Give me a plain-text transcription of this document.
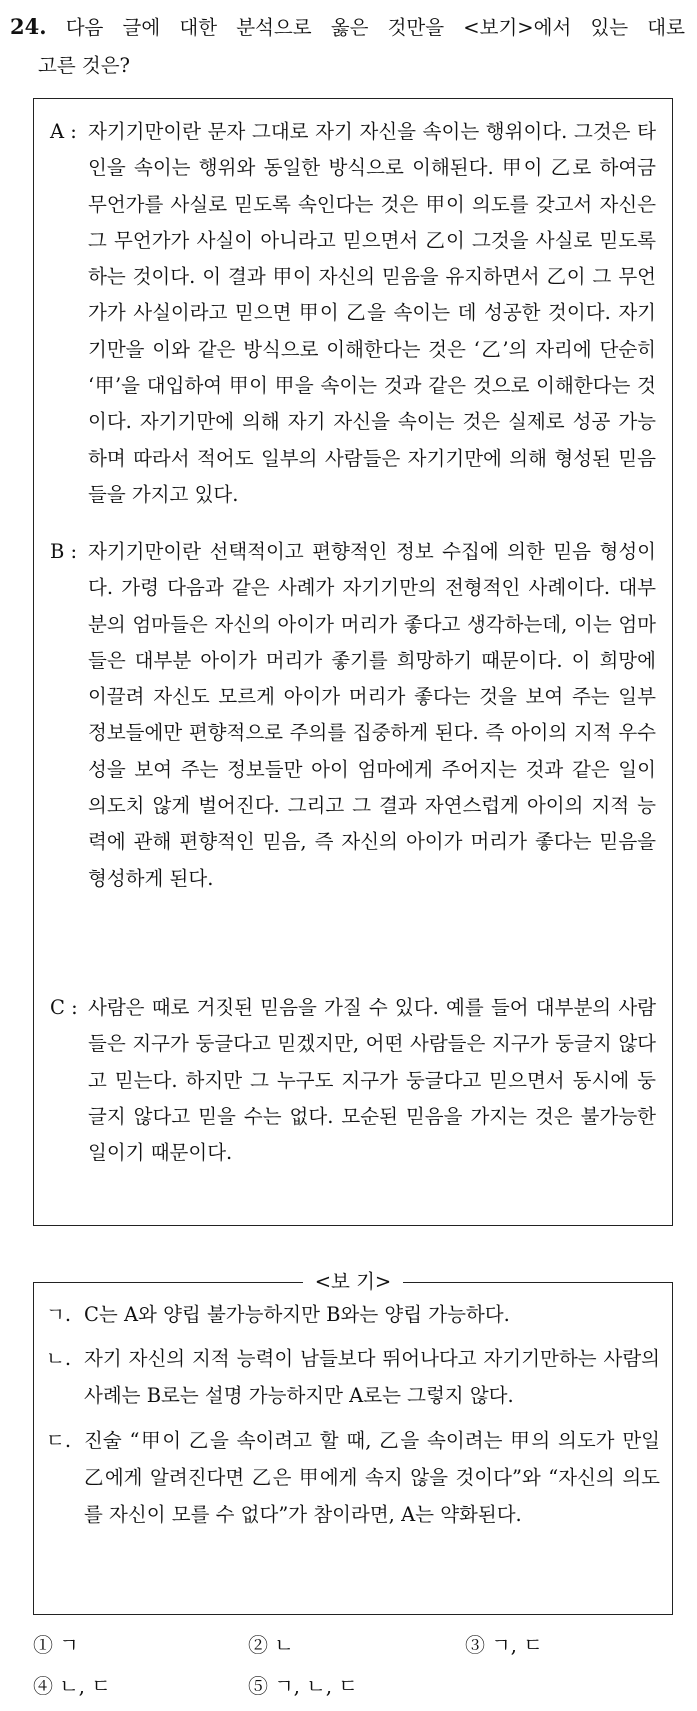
24. 다음 글에 대한 분석으로 옳은 것만을 <보기>에서 있는 대로
고른 것은?
A : 자기기만이란 문자 그대로 자기 자신을 속이는 행위이다. 그것은 타인을 속이는 행위와 동일한 방식으로 이해된다. 甲이 乙로 하여금 무언가를 사실로 믿도록 속인다는 것은 甲이 의도를 갖고서 자신은 그 무언가가 사실이 아니라고 믿으면서 乙이 그것을 사실로 믿도록 하는 것이다. 이 결과 甲이 자신의 믿음을 유지하면서 乙이 그 무언가가 사실이라고 믿으면 甲이 乙을 속이는 데 성공한 것이다. 자기기만을 이와 같은 방식으로 이해한다는 것은 ‘乙’의 자리에 단순히 ‘甲’을 대입하여 甲이 甲을 속이는 것과 같은 것으로 이해한다는 것이다. 자기기만에 의해 자기 자신을 속이는 것은 실제로 성공 가능하며 따라서 적어도 일부의 사람들은 자기기만에 의해 형성된 믿음들을 가지고 있다.
B : 자기기만이란 선택적이고 편향적인 정보 수집에 의한 믿음 형성이다. 가령 다음과 같은 사례가 자기기만의 전형적인 사례이다. 대부분의 엄마들은 자신의 아이가 머리가 좋다고 생각하는데, 이는 엄마들은 대부분 아이가 머리가 좋기를 희망하기 때문이다. 이 희망에 이끌려 자신도 모르게 아이가 머리가 좋다는 것을 보여 주는 일부 정보들에만 편향적으로 주의를 집중하게 된다. 즉 아이의 지적 우수성을 보여 주는 정보들만 아이 엄마에게 주어지는 것과 같은 일이 의도치 않게 벌어진다. 그리고 그 결과 자연스럽게 아이의 지적 능력에 관해 편향적인 믿음, 즉 자신의 아이가 머리가 좋다는 믿음을 형성하게 된다.
C : 사람은 때로 거짓된 믿음을 가질 수 있다. 예를 들어 대부분의 사람들은 지구가 둥글다고 믿겠지만, 어떤 사람들은 지구가 둥글지 않다고 믿는다. 하지만 그 누구도 지구가 둥글다고 믿으면서 동시에 둥글지 않다고 믿을 수는 없다. 모순된 믿음을 가지는 것은 불가능한 일이기 때문이다.
<보 기>
ㄱ. C는 A와 양립 불가능하지만 B와는 양립 가능하다.
ㄴ. 자기 자신의 지적 능력이 남들보다 뛰어나다고 자기기만하는 사람의 사례는 B로는 설명 가능하지만 A로는 그렇지 않다.
ㄷ. 진술 “甲이 乙을 속이려고 할 때, 乙을 속이려는 甲의 의도가 만일 乙에게 알려진다면 乙은 甲에게 속지 않을 것이다”와 “자신의 의도를 자신이 모를 수 없다”가 참이라면, A는 약화된다.
① ㄱ	② ㄴ	③ ㄱ, ㄷ
④ ㄴ, ㄷ	⑤ ㄱ, ㄴ, ㄷ
